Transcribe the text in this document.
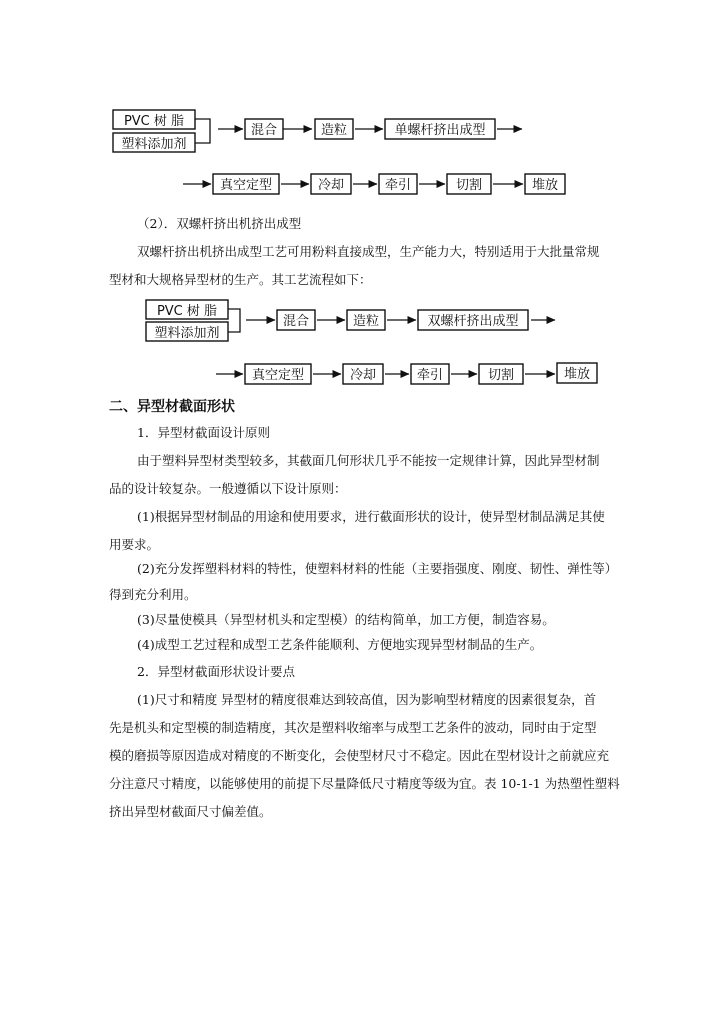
PVC 树 脂
塑料添加剂
混合	造粒	单螺杆挤出成型
真空定型	冷却	牵引	切割	堆放
PVC 树 脂
塑料添加剂
混合	造粒	双螺杆挤出成型
真空定型	冷却	牵引	切割	堆放

（2）．双螺杆挤出机挤出成型

双螺杆挤出机挤出成型工艺可用粉料直接成型，生产能力大，特别适用于大批量常规

型材和大规格异型材的生产。其工艺流程如下：

二、异型材截面形状

1．异型材截面设计原则

由于塑料异型材类型较多，其截面几何形状几乎不能按一定规律计算，因此异型材制

品的设计较复杂。一般遵循以下设计原则：

(1)根据异型材制品的用途和使用要求，进行截面形状的设计，使异型材制品满足其使

用要求。

(2)充分发挥塑料材料的特性，使塑料材料的性能（主要指强度、刚度、韧性、弹性等）

得到充分利用。

(3)尽量使模具（异型材机头和定型模）的结构简单，加工方便，制造容易。

(4)成型工艺过程和成型工艺条件能顺利、方便地实现异型材制品的生产。

2．异型材截面形状设计要点

(1)尺寸和精度 异型材的精度很难达到较高值，因为影响型材精度的因素很复杂，首

先是机头和定型模的制造精度，其次是塑料收缩率与成型工艺条件的波动，同时由于定型

模的磨损等原因造成对精度的不断变化，会使型材尺寸不稳定。因此在型材设计之前就应充

分注意尺寸精度，以能够使用的前提下尽量降低尺寸精度等级为宜。表 10-1-1 为热塑性塑料

挤出异型材截面尺寸偏差值。
